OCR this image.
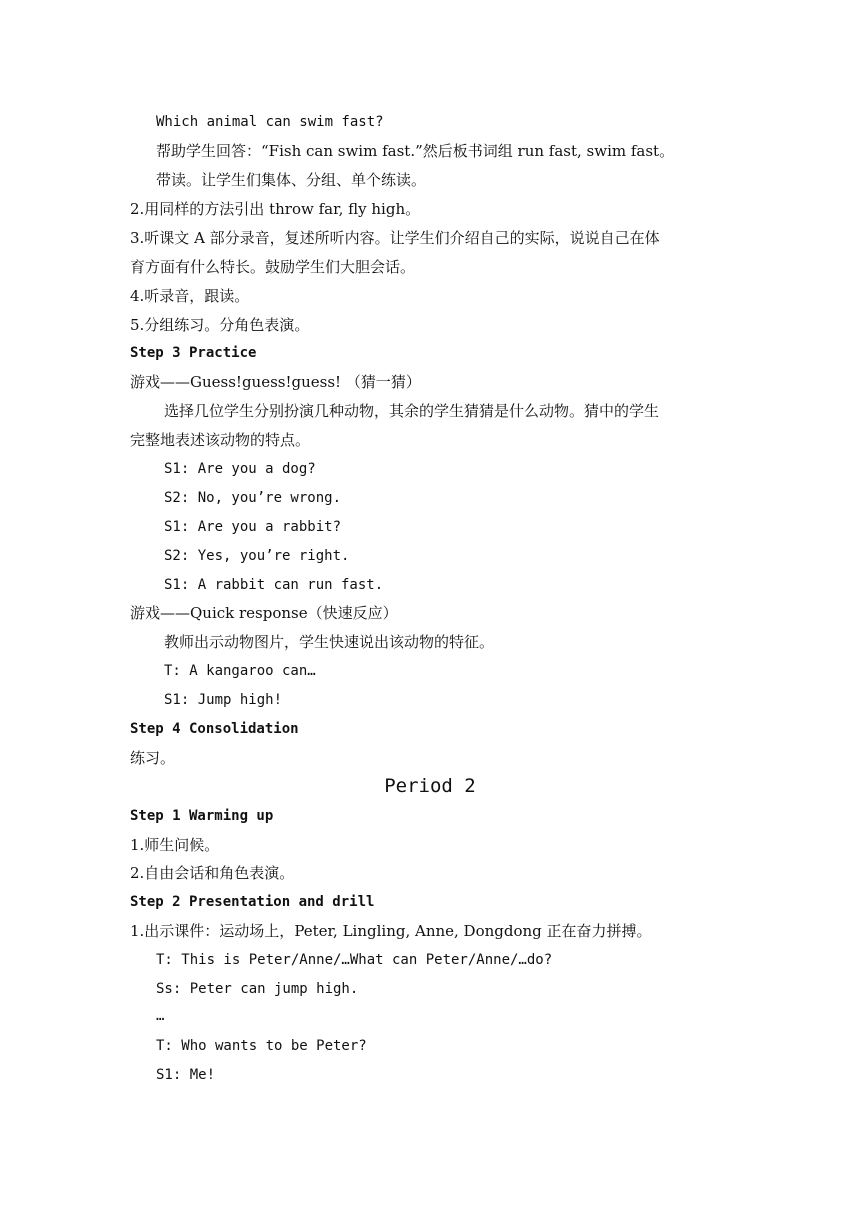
Which animal can swim fast?
帮助学生回答：“Fish can swim fast.”然后板书词组 run fast, swim fast。
带读。让学生们集体、分组、单个练读。
2.用同样的方法引出 throw far, fly high。
3.听课文 A 部分录音，复述所听内容。让学生们介绍自己的实际，说说自己在体
育方面有什么特长。鼓励学生们大胆会话。
4.听录音，跟读。
5.分组练习。分角色表演。
Step 3 Practice
游戏——Guess!guess!guess! （猜一猜）
选择几位学生分别扮演几种动物，其余的学生猜猜是什么动物。猜中的学生
完整地表述该动物的特点。
S1: Are you a dog?
S2: No, you’re wrong.
S1: Are you a rabbit?
S2: Yes, you’re right.
S1: A rabbit can run fast.
游戏——Quick response（快速反应）
教师出示动物图片，学生快速说出该动物的特征。
T: A kangaroo can…
S1: Jump high!
Step 4 Consolidation
练习。
Period 2
Step 1 Warming up
1.师生问候。
2.自由会话和角色表演。
Step 2 Presentation and drill
1.出示课件：运动场上，Peter, Lingling, Anne, Dongdong 正在奋力拼搏。
T: This is Peter/Anne/…What can Peter/Anne/…do?
Ss: Peter can jump high.
…
T: Who wants to be Peter?
S1: Me!
